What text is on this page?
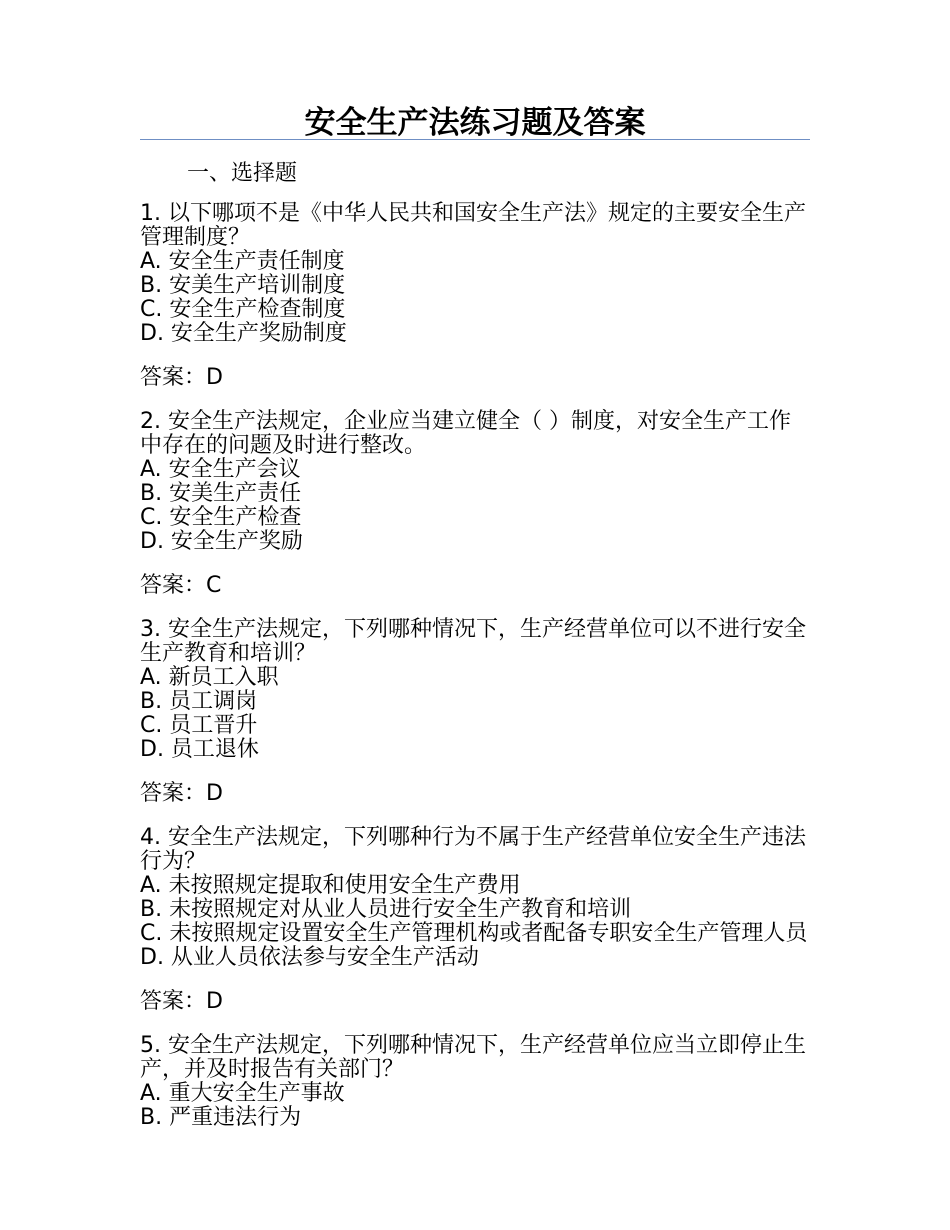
安全生产法练习题及答案
一、选择题
1. 以下哪项不是《中华人民共和国安全生产法》规定的主要安全生产管理制度？
A. 安全生产责任制度
B. 安美生产培训制度
C. 安全生产检查制度
D. 安全生产奖励制度
答案：D
2. 安全生产法规定，企业应当建立健全（ ）制度，对安全生产工作中存在的问题及时进行整改。
A. 安全生产会议
B. 安美生产责任
C. 安全生产检查
D. 安全生产奖励
答案：C
3. 安全生产法规定，下列哪种情况下，生产经营单位可以不进行安全生产教育和培训？
A. 新员工入职
B. 员工调岗
C. 员工晋升
D. 员工退休
答案：D
4. 安全生产法规定，下列哪种行为不属于生产经营单位安全生产违法行为？
A. 未按照规定提取和使用安全生产费用
B. 未按照规定对从业人员进行安全生产教育和培训
C. 未按照规定设置安全生产管理机构或者配备专职安全生产管理人员
D. 从业人员依法参与安全生产活动
答案：D
5. 安全生产法规定，下列哪种情况下，生产经营单位应当立即停止生产，并及时报告有关部门？
A. 重大安全生产事故
B. 严重违法行为
